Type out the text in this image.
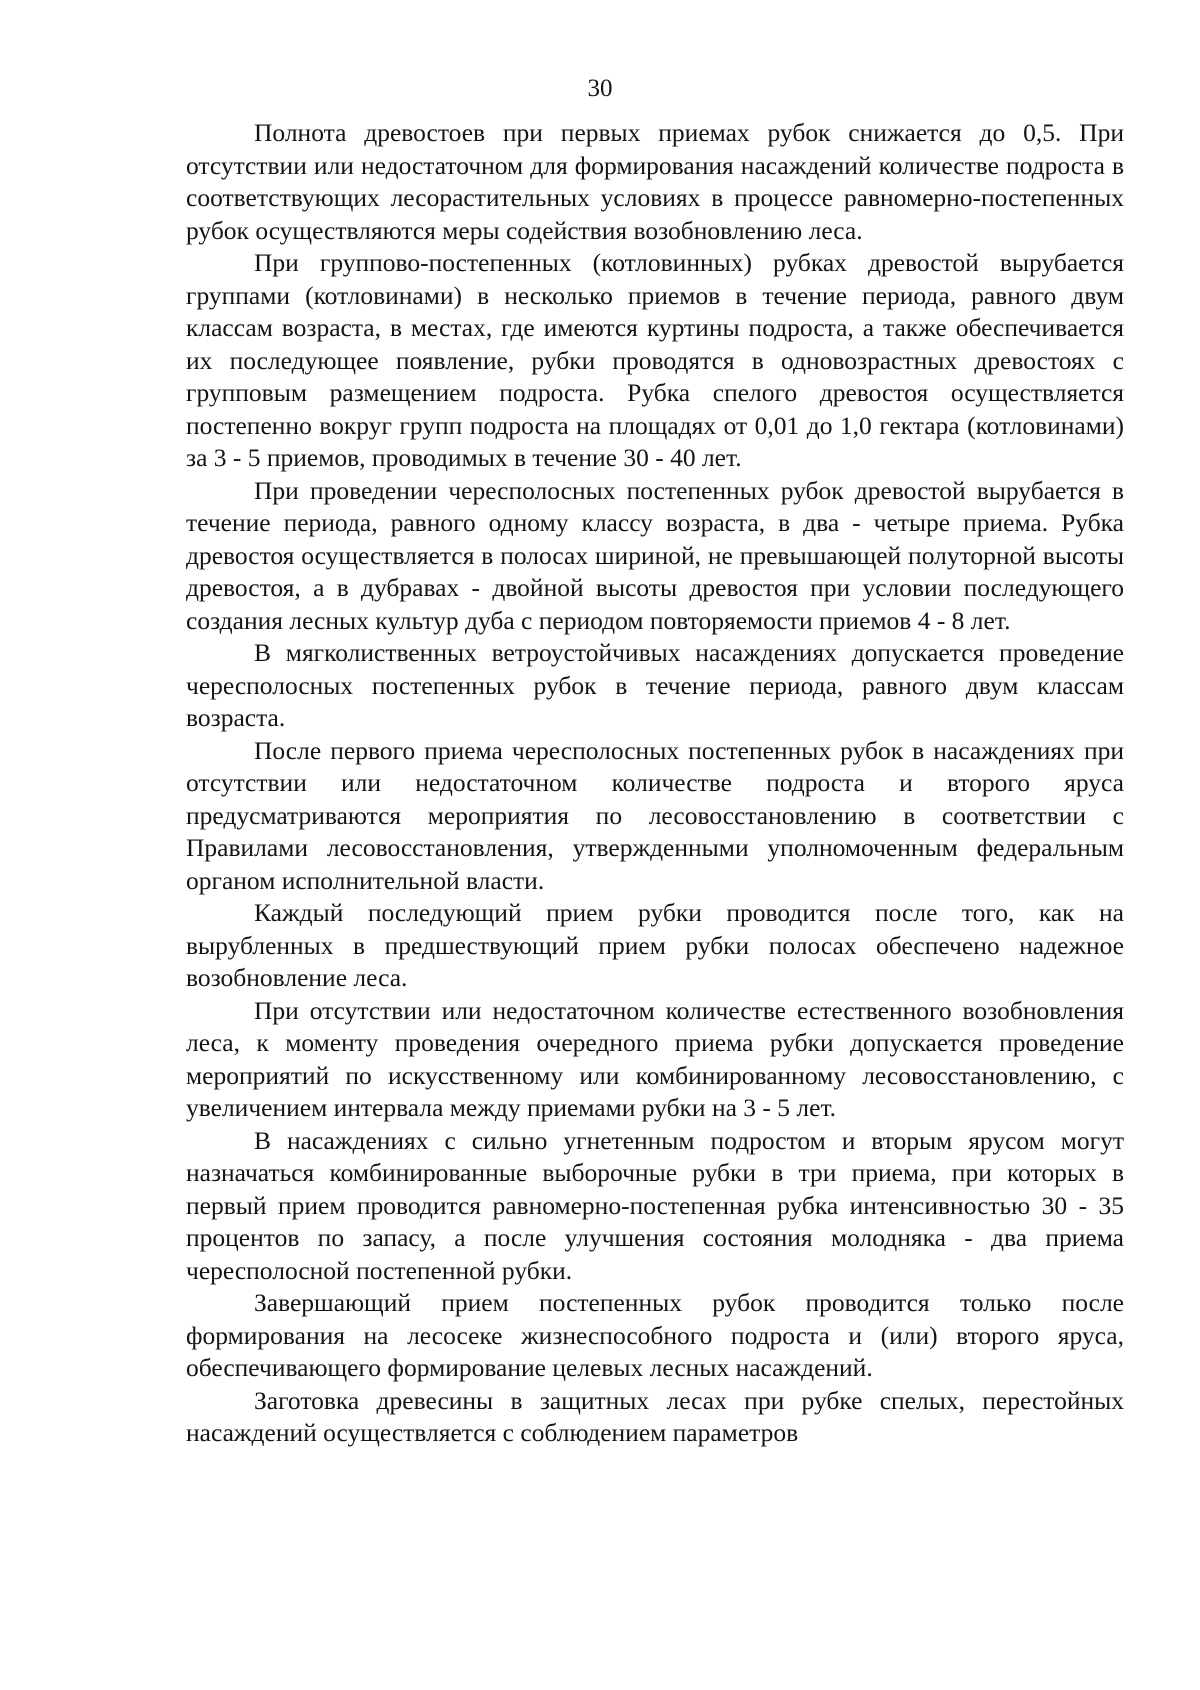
30

Полнота древостоев при первых приемах рубок снижается до 0,5. При отсутствии или недостаточном для формирования насаждений количестве подроста в соответствующих лесорастительных условиях в процессе равномерно-постепенных рубок осуществляются меры содействия возобновлению леса.

При группово-постепенных (котловинных) рубках древостой вырубается группами (котловинами) в несколько приемов в течение периода, равного двум классам возраста, в местах, где имеются куртины подроста, а также обеспечивается их последующее появление, рубки проводятся в одновозрастных древостоях с групповым размещением подроста. Рубка спелого древостоя осуществляется постепенно вокруг групп подроста на площадях от 0,01 до 1,0 гектара (котловинами) за 3 - 5 приемов, проводимых в течение 30 - 40 лет.

При проведении чересполосных постепенных рубок древостой вырубается в течение периода, равного одному классу возраста, в два - четыре приема. Рубка древостоя осуществляется в полосах шириной, не превышающей полуторной высоты древостоя, а в дубравах - двойной высоты древостоя при условии последующего создания лесных культур дуба с периодом повторяемости приемов 4 - 8 лет.

В мягколиственных ветроустойчивых насаждениях допускается проведение чересполосных постепенных рубок в течение периода, равного двум классам возраста.

После первого приема чересполосных постепенных рубок в насаждениях при отсутствии или недостаточном количестве подроста и второго яруса предусматриваются мероприятия по лесовосстановлению в соответствии с Правилами лесовосстановления, утвержденными уполномоченным федеральным органом исполнительной власти.

Каждый последующий прием рубки проводится после того, как на вырубленных в предшествующий прием рубки полосах обеспечено надежное возобновление леса.

При отсутствии или недостаточном количестве естественного возобновления леса, к моменту проведения очередного приема рубки допускается проведение мероприятий по искусственному или комбинированному лесовосстановлению, с увеличением интервала между приемами рубки на 3 - 5 лет.

В насаждениях с сильно угнетенным подростом и вторым ярусом могут назначаться комбинированные выборочные рубки в три приема, при которых в первый прием проводится равномерно-постепенная рубка интенсивностью 30 - 35 процентов по запасу, а после улучшения состояния молодняка - два приема чересполосной постепенной рубки.

Завершающий прием постепенных рубок проводится только после формирования на лесосеке жизнеспособного подроста и (или) второго яруса, обеспечивающего формирование целевых лесных насаждений.

Заготовка древесины в защитных лесах при рубке спелых, перестойных насаждений осуществляется с соблюдением параметров
